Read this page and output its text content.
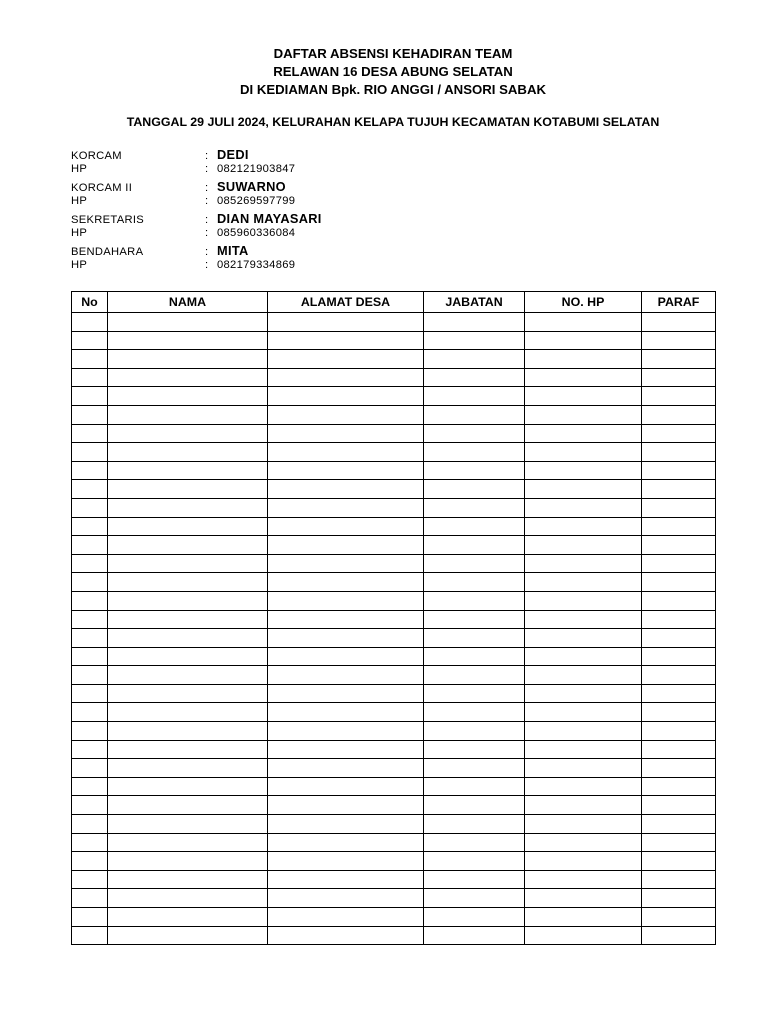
DAFTAR ABSENSI KEHADIRAN TEAM
RELAWAN 16 DESA ABUNG SELATAN
DI KEDIAMAN Bpk. RIO ANGGI / ANSORI SABAK
TANGGAL 29 JULI 2024, KELURAHAN KELAPA TUJUH KECAMATAN KOTABUMI SELATAN
KORCAM	: DEDI
HP	: 082121903847
KORCAM II	: SUWARNO
HP	: 085269597799
SEKRETARIS	: DIAN MAYASARI
HP	: 085960336084
BENDAHARA	: MITA
HP	: 082179334869
No	NAMA	ALAMAT DESA	JABATAN	NO. HP	PARAF
